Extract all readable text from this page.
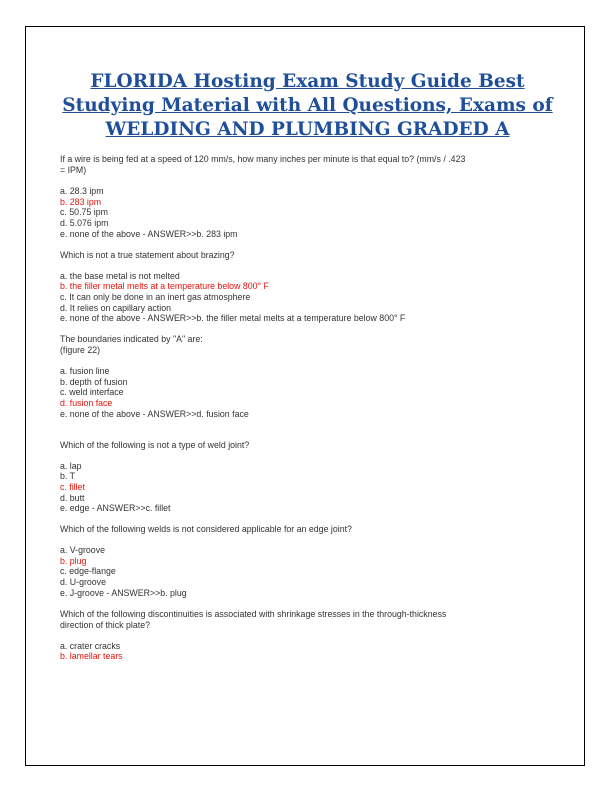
FLORIDA Hosting Exam Study Guide Best
Studying Material with All Questions, Exams of
WELDING AND PLUMBING GRADED A
If a wire is being fed at a speed of 120 mm/s, how many inches per minute is that equal to? (mm/s / .423
= IPM)
a. 28.3 ipm
b. 283 ipm
c. 50.75 ipm
d. 5.076 ipm
e. none of the above - ANSWER>>b. 283 ipm
Which is not a true statement about brazing?
a. the base metal is not melted
b. the filler metal melts at a temperature below 800° F
c. It can only be done in an inert gas atmosphere
d. It relies on capillary action
e. none of the above - ANSWER>>b. the filler metal melts at a temperature below 800° F
The boundaries indicated by "A" are:
(figure 22)
a. fusion line
b. depth of fusion
c. weld interface
d. fusion face
e. none of the above - ANSWER>>d. fusion face
Which of the following is not a type of weld joint?
a. lap
b. T
c. fillet
d. butt
e. edge - ANSWER>>c. fillet
Which of the following welds is not considered applicable for an edge joint?
a. V-groove
b. plug
c. edge-flange
d. U-groove
e. J-groove - ANSWER>>b. plug
Which of the following discontinuities is associated with shrinkage stresses in the through-thickness
direction of thick plate?
a. crater cracks
b. lamellar tears
